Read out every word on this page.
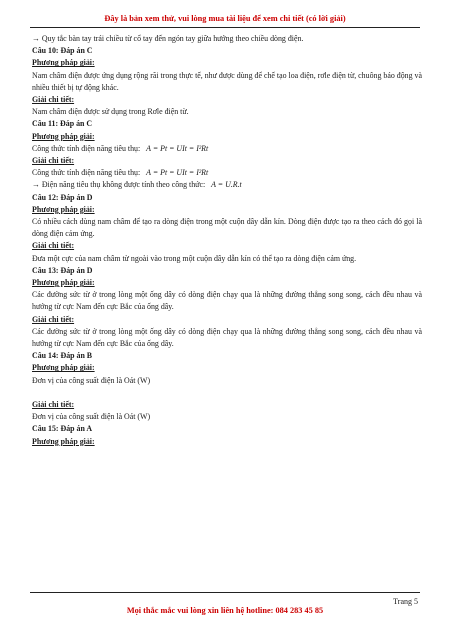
Đây là bản xem thử, vui lòng mua tài liệu để xem chi tiết (có lời giải)
→ Quy tắc bàn tay trái chiều từ cổ tay đến ngón tay giữa hướng theo chiều dòng điện.
Câu 10: Đáp án C
Phương pháp giải:
Nam châm điện được ứng dụng rộng rãi trong thực tế, như được dùng để chế tạo loa điện, rơle điện từ, chuông báo động và nhiều thiết bị tự động khác.
Giải chi tiết:
Nam châm điện được sử dụng trong Rơle điện từ.
Câu 11: Đáp án C
Phương pháp giải:
Công thức tính điện năng tiêu thụ: A = Pt = UIt = I²Rt
Giải chi tiết:
Công thức tính điện năng tiêu thụ: A = Pt = UIt = I²Rt
→ Điện năng tiêu thụ không được tính theo công thức: A = U.R.t
Câu 12: Đáp án D
Phương pháp giải:
Có nhiều cách dùng nam châm để tạo ra dòng điện trong một cuộn dây dẫn kín. Dòng điện được tạo ra theo cách đó gọi là dòng điện cảm ứng.
Giải chi tiết:
Đưa một cực của nam châm từ ngoài vào trong một cuộn dây dẫn kín có thể tạo ra dòng điện cảm ứng.
Câu 13: Đáp án D
Phương pháp giải:
Các đường sức từ ở trong lòng một ống dây có dòng điện chạy qua là những đường thẳng song song, cách đều nhau và hướng từ cực Nam đến cực Bắc của ống dây.
Giải chi tiết:
Các đường sức từ ở trong lòng một ống dây có dòng điện chạy qua là những đường thẳng song song, cách đều nhau và hướng từ cực Nam đến cực Bắc của ống dây.
Câu 14: Đáp án B
Phương pháp giải:
Đơn vị của công suất điện là Oát (W)
Giải chi tiết:
Đơn vị của công suất điện là Oát (W)
Câu 15: Đáp án A
Phương pháp giải:
Trang 5
Mọi thắc mắc vui lòng xin liên hệ hotline: 084 283 45 85
